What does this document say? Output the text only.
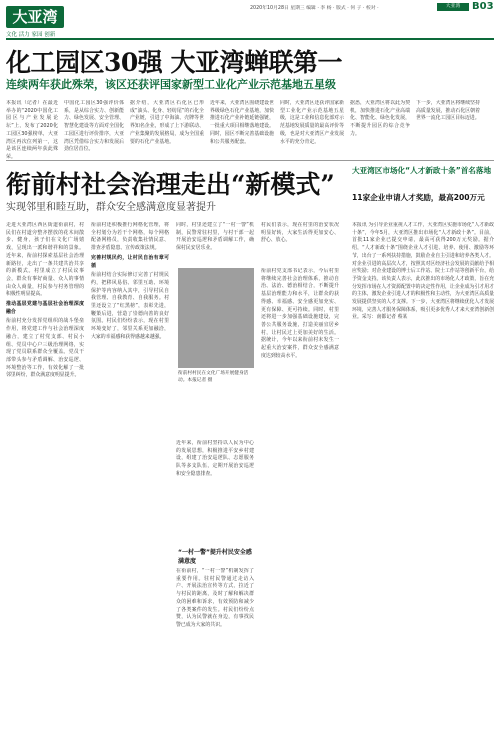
大亚湾
文化 活力 家园 创新
2020年10月28日 星期三 编辑 · 李 杨 · 版式 · 何 子 · 校对 ·	大亚湾	B03
化工园区30强 大亚湾蝉联第一
连续两年获此殊荣，该区还获评国家新型工业化产业示范基地五星级
本报讯（记者）在最近举办的“2020中国化工园区与产业发展论坛”上，发布了2020化工园区30强榜单，大亚湾区再次位列第一，这是该区连续两年获此殊荣。
中国化工园区30强评价体系，是从综合实力、创新能力、绿色发展、安全管理、智慧化建设等方面对全国化工园区进行评价排序，大亚湾区凭借综合实力和发展后劲位居首位。
据介绍，大亚湾区石化区已形成“油头、化身、轻纺尾”的石化全产业链，引进了中海油、壳牌等世界知名企业，形成了上下游联动、产业集聚的发展格局，成为全国重要的石化产业基地。
近年来，大亚湾区围绕建设世界级绿色石化产业基地，加快推进石化产业补链延链强链，一批重大项目相继落地建设。同时，园区不断完善基础设施和公共服务配套。
同时，大亚湾区还获评国家新型工业化产业示范基地五星级，这是工业和信息化部对示范基地发展质量的最高评价等级，也是对大亚湾区产业发展水平的充分肯定。
据悉，大亚湾区将以此为契机，加快推进石化产业高端化、智能化、绿色化发展，不断提升园区的综合竞争力。
下一步，大亚湾区将继续坚持高质量发展，推动石化区朝着世界一流化工园区目标迈进。
衔前村社会治理走出“新模式”
实现邻里和睦互助，群众安全感满意度显著提升
走进大亚湾区西区街道衔前村，村民们在村道旁整齐摆放的花木间散步、健身，孩子们在文化广场嬉戏，呈现出一派和谐祥和的景象。近年来，衔前村探索基层社会治理新路径，走出了一条共建共治共享的新模式。村里成立了村民议事会，群众有事好商量、众人的事情由众人商量，村民参与村务管理的积极性明显提高。
推动基层党建与基层社会治理深度融合
衔前村充分发挥党组织的战斗堡垒作用，将党建工作与社会治理深度融合，建立了村党支部、村民小组、党员中心户三级治理网络，实现了党员联系群众全覆盖。党员干部带头参与矛盾调解、治安巡逻、环境整治等工作，有效化解了一批邻里纠纷，群众满意度明显提升。
衔前村还积极推行网格化管理，将全村划分为若干个网格，每个网格配备网格员，负责收集社情民意、排查矛盾隐患、宣传政策法规。
完善村规民约，让村民自治有章可循
衔前村结合实际修订完善了村规民约，把移风易俗、邻里互助、环境保护等内容纳入其中，引导村民自我管理、自我教育、自我服务。村里还设立了“红黑榜”，表彰先进，鞭策后进，营造了崇德向善的良好氛围。村民们纷纷表示，现在村里环境变好了，邻里关系更加融洽，大家的幸福感和获得感越来越强。
同时，村里还建立了“一村一警”机制，民警常驻村里，与村干部一起开展治安巡逻和矛盾调解工作，确保村民安居乐业。
村民们表示，现在村里的治安状况明显好转，大家生活得更加安心、舒心、放心。
衔前村村民在文化广场开展健身活动。本报记者 摄
近年来，衔前村坚持以人民为中心的发展思想，积极推进平安乡村建设，组建了治安巡逻队、志愿服务队等多支队伍，定期开展治安巡逻和安全隐患排查。
“一村一警”提升村民安全感满意度
在衔前村，“一村一警”机制发挥了重要作用。驻村民警通过走访入户、开展法治宣传等方式，拉近了与村民的距离，及时了解和解决群众的困难和诉求，有效预防和减少了各类案件的发生。村民们纷纷点赞，认为民警就在身边，有事找民警已成为大家的共识。
衔前村党支部书记表示，今后村里将继续完善社会治理体系，推动自治、法治、德治相结合，不断提升基层治理能力和水平，让群众的获得感、幸福感、安全感更加充实、更有保障、更可持续。同时，村里还将进一步加强基础设施建设，完善公共服务设施，打造美丽宜居乡村，让村民过上更加美好的生活。据统计，今年以来衔前村未发生一起重大治安案件，群众安全感满意度达到较高水平。
大亚湾区市场化“人才新政十条”首名落地
11家企业申请人才奖励，最高200万元
本报讯 为引导企业重视人才工作，大亚湾区实施市场化“人才新政十条”，今年5月，大亚湾区推出市场化“人才新政十条”。目前，首批11家企业已提交申请，最高可获得200万元奖励。据介绍，“人才新政十条”围绕企业人才引进、培养、使用、激励等环节，出台了一系列扶持措施，鼓励企业自主引进和培养各类人才。对企业引进的高层次人才，按照其对区经济社会发展的贡献给予相应奖励；对企业建设的博士后工作站、院士工作站等创新平台，给予资金支持。该负责人表示，此次推出的市场化人才政策，旨在充分发挥市场在人才资源配置中的决定性作用，让企业成为引才用才的主体，激发企业引进人才的积极性和主动性，为大亚湾区高质量发展提供坚实的人才支撑。下一步，大亚湾区将继续优化人才发展环境，完善人才服务保障体系，吸引更多优秀人才来大亚湾创新创业。采写：南都记者 蔡某
